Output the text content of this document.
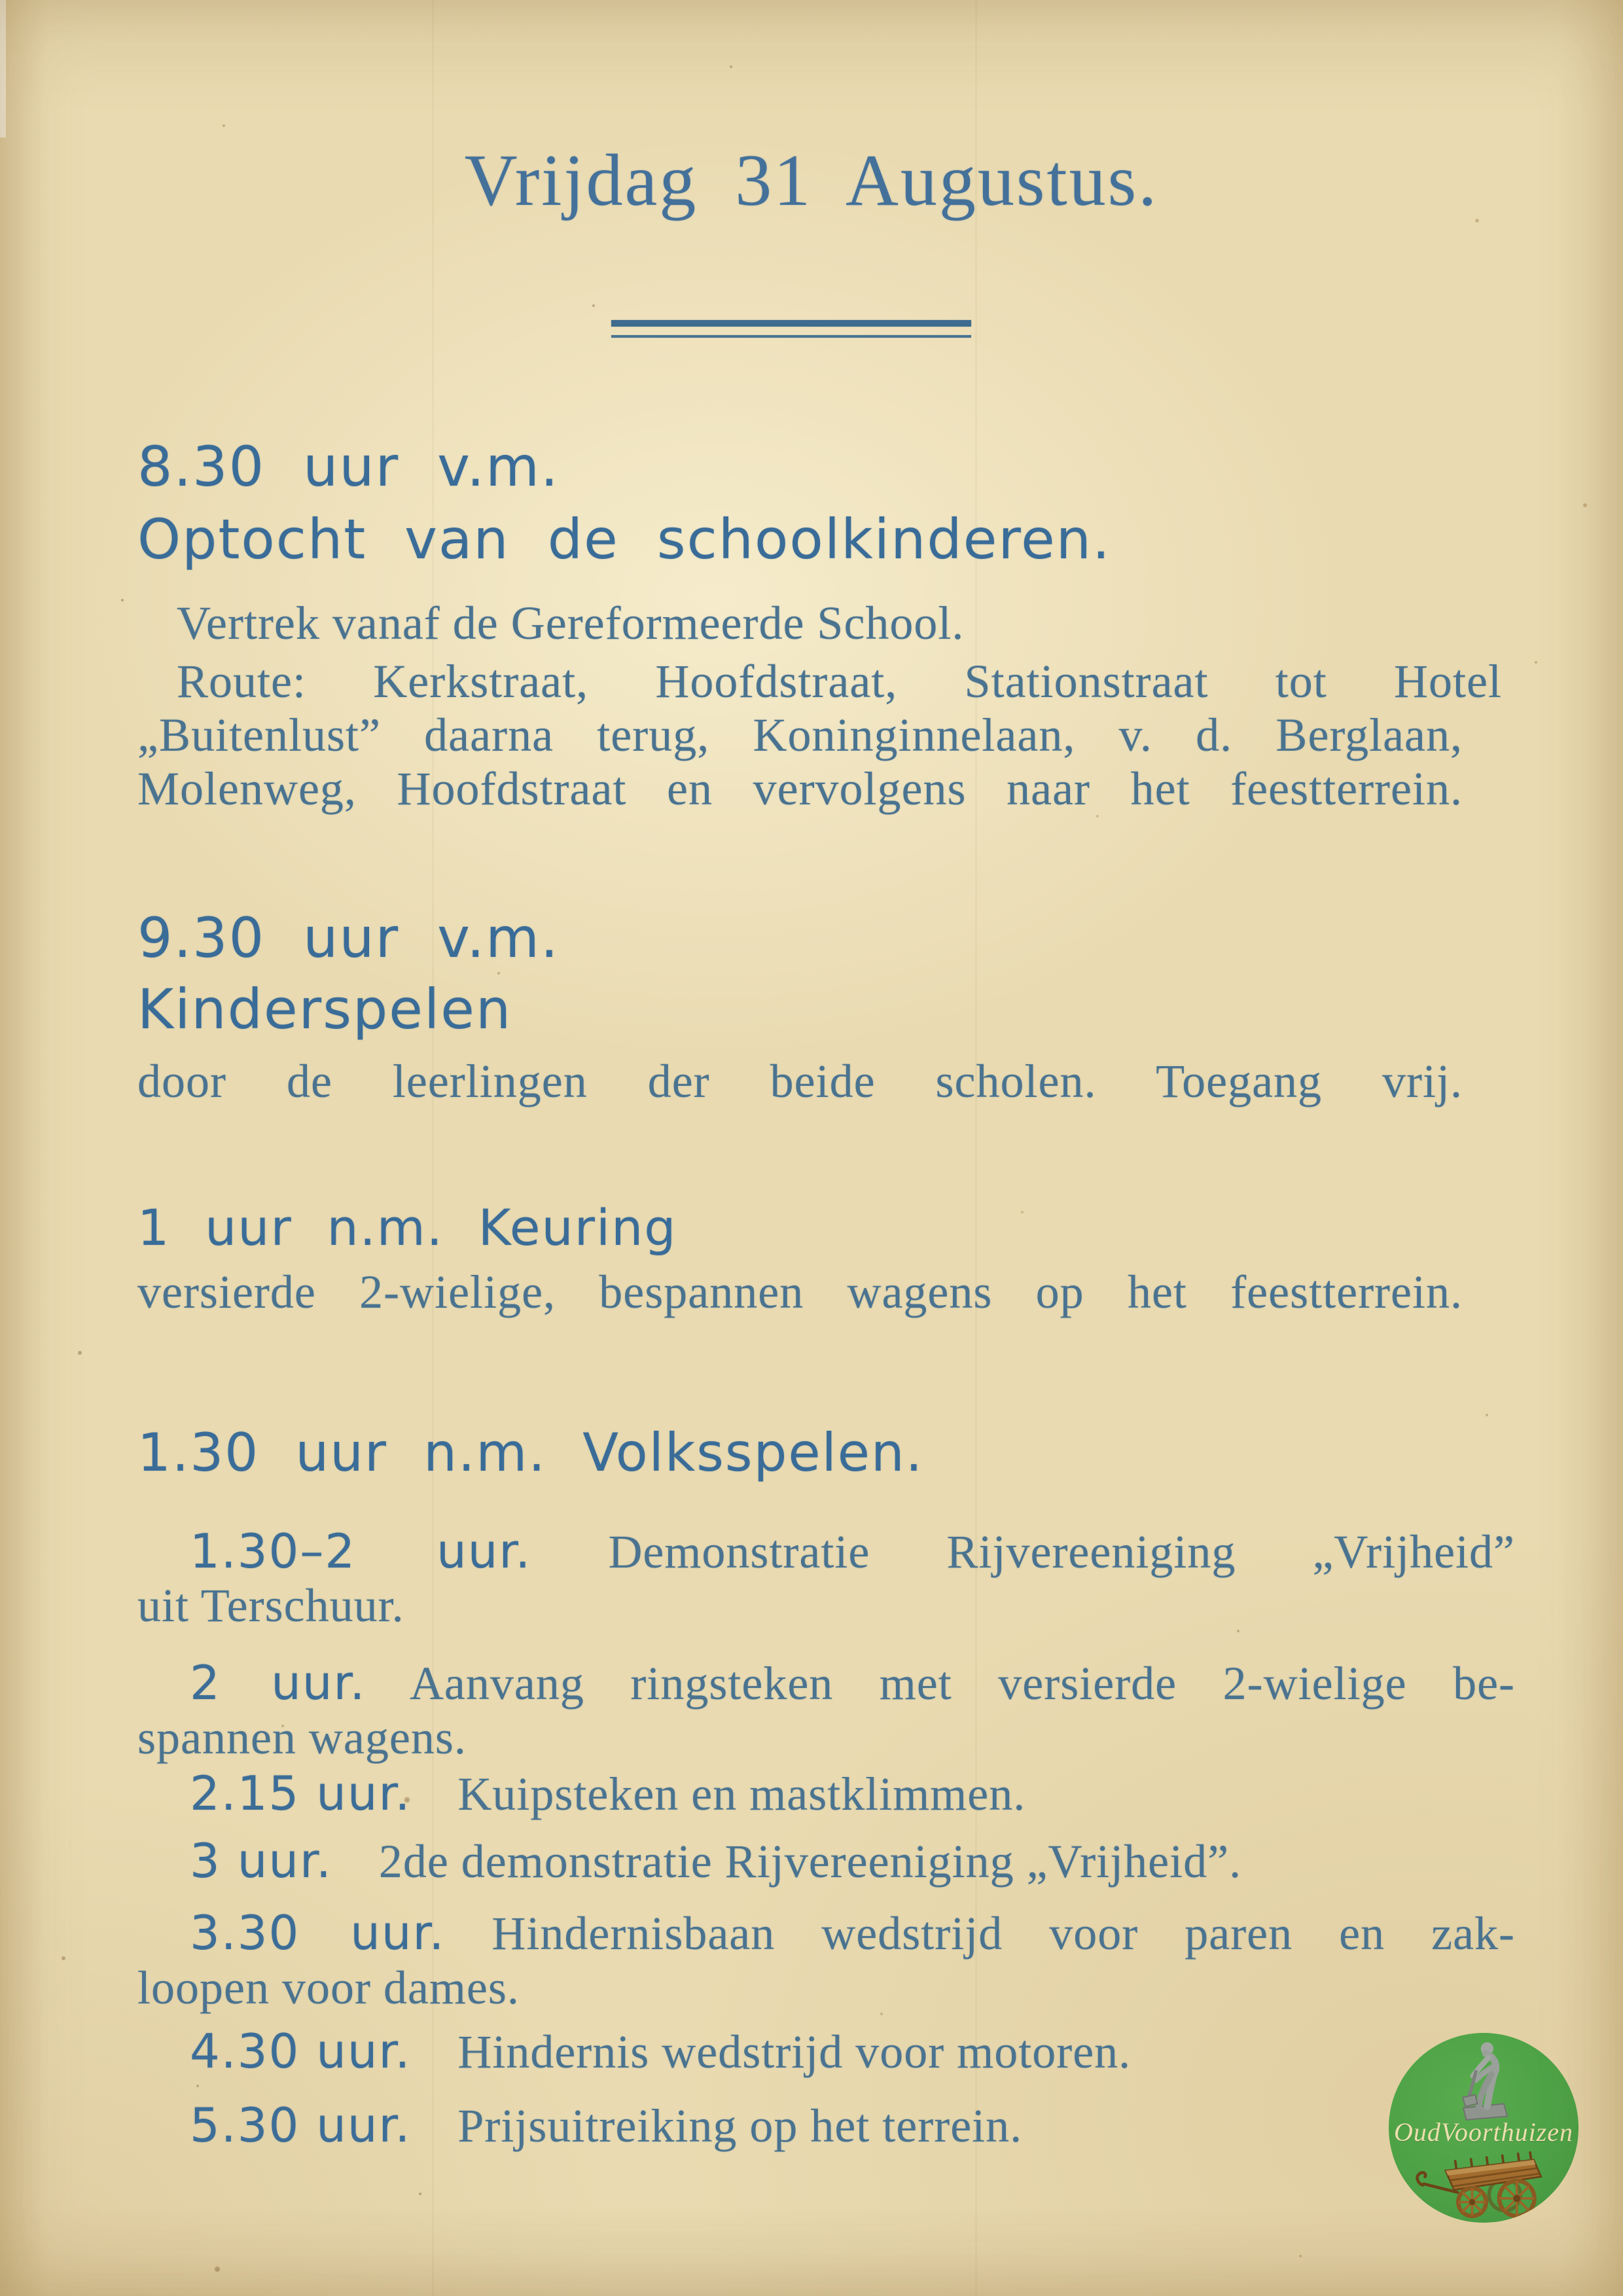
Vrijdag 31 Augustus.
8.30 uur v.m.
Optocht van de schoolkinderen.
Vertrek vanaf de Gereformeerde School.
Route: Kerkstraat, Hoofdstraat, Stationstraat tot Hotel
„Buitenlust” daarna terug, Koninginnelaan, v. d. Berglaan,
Molenweg, Hoofdstraat en vervolgens naar het feestterrein.
9.30 uur v.m.
Kinderspelen
door de leerlingen der beide scholen. Toegang vrij.
1 uur n.m. Keuring
versierde 2-wielige, bespannen wagens op het feestterrein.
1.30 uur n.m. Volksspelen.
1.30–2 uur. Demonstratie Rijvereeniging „Vrijheid”
uit Terschuur.
2 uur. Aanvang ringsteken met versierde 2-wielige be-
spannen wagens.
2.15 uur. Kuipsteken en mastklimmen.
3 uur. 2de demonstratie Rijvereeniging „Vrijheid”.
3.30 uur. Hindernisbaan wedstrijd voor paren en zak-
loopen voor dames.
4.30 uur. Hindernis wedstrijd voor motoren.
5.30 uur. Prijsuitreiking op het terrein.	OudVoorthuizen
